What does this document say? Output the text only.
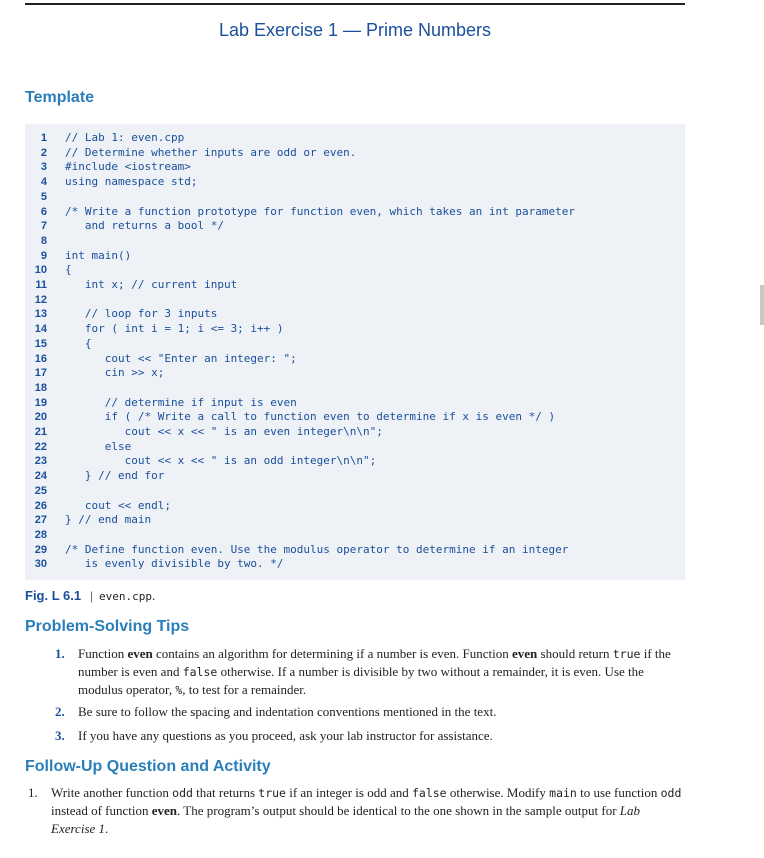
Lab Exercise 1 — Prime Numbers
Template
1 // Lab 1: even.cpp
2 // Determine whether inputs are odd or even.
3 #include <iostream>
4 using namespace std;
5
6 /* Write a function prototype for function even, which takes an int parameter
7 and returns a bool */
8
9 int main()
10 {
11 int x; // current input
12
13 // loop for 3 inputs
14 for ( int i = 1; i <= 3; i++ )
15 {
16 cout << "Enter an integer: ";
17 cin >> x;
18
19 // determine if input is even
20 if ( /* Write a call to function even to determine if x is even */ )
21 cout << x << " is an even integer\n\n";
22 else
23 cout << x << " is an odd integer\n\n";
24 } // end for
25
26 cout << endl;
27 } // end main
28
29 /* Define function even. Use the modulus operator to determine if an integer
30 is evenly divisible by two. */
Fig. L 6.1 | even.cpp.
Problem-Solving Tips
1. Function even contains an algorithm for determining if a number is even. Function even should return true if the number is even and false otherwise. If a number is divisible by two without a remainder, it is even. Use the modulus operator, %, to test for a remainder.
2. Be sure to follow the spacing and indentation conventions mentioned in the text.
3. If you have any questions as you proceed, ask your lab instructor for assistance.
Follow-Up Question and Activity
1. Write another function odd that returns true if an integer is odd and false otherwise. Modify main to use function odd instead of function even. The program’s output should be identical to the one shown in the sample output for Lab Exercise 1.
